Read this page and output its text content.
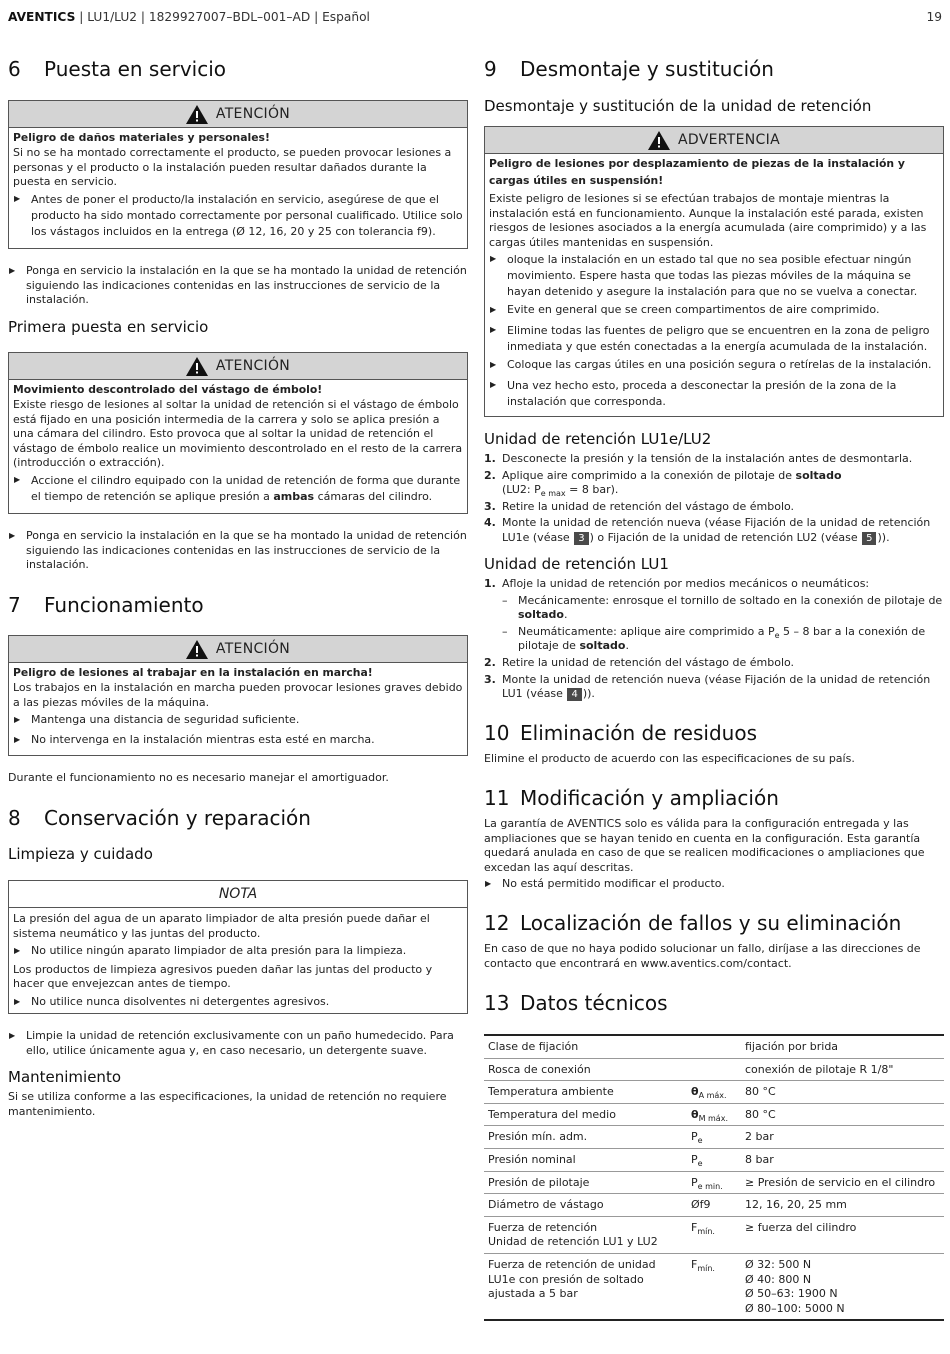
AVENTICS | LU1/LU2 | 1829927007–BDL–001–AD | Español	19
6	Puesta en servicio
ATENCIÓN
Peligro de daños materiales y personales!
Si no se ha montado correctamente el producto, se pueden provocar lesiones a personas y el producto o la instalación pueden resultar dañados durante la puesta en servicio.
▶ Antes de poner el producto/la instalación en servicio, asegúrese de que el producto ha sido montado correctamente por personal cualificado. Utilice solo los vástagos incluidos en la entrega (Ø 12, 16, 20 y 25 con tolerancia f9).
▶ Ponga en servicio la instalación en la que se ha montado la unidad de retención siguiendo las indicaciones contenidas en las instrucciones de servicio de la instalación.
Primera puesta en servicio
ATENCIÓN
Movimiento descontrolado del vástago de émbolo!
Existe riesgo de lesiones al soltar la unidad de retención si el vástago de émbolo está fijado en una posición intermedia de la carrera y solo se aplica presión a una cámara del cilindro. Esto provoca que al soltar la unidad de retención el vástago de émbolo realice un movimiento descontrolado en el resto de la carrera (introducción o extracción).
▶ Accione el cilindro equipado con la unidad de retención de forma que durante el tiempo de retención se aplique presión a ambas cámaras del cilindro.
▶ Ponga en servicio la instalación en la que se ha montado la unidad de retención siguiendo las indicaciones contenidas en las instrucciones de servicio de la instalación.
7	Funcionamiento
ATENCIÓN
Peligro de lesiones al trabajar en la instalación en marcha!
Los trabajos en la instalación en marcha pueden provocar lesiones graves debido a las piezas móviles de la máquina.
▶ Mantenga una distancia de seguridad suficiente.
▶ No intervenga en la instalación mientras esta esté en marcha.
Durante el funcionamiento no es necesario manejar el amortiguador.
8	Conservación y reparación
Limpieza y cuidado
NOTA
La presión del agua de un aparato limpiador de alta presión puede dañar el sistema neumático y las juntas del producto.
▶ No utilice ningún aparato limpiador de alta presión para la limpieza.
Los productos de limpieza agresivos pueden dañar las juntas del producto y hacer que envejezcan antes de tiempo.
▶ No utilice nunca disolventes ni detergentes agresivos.
▶ Limpie la unidad de retención exclusivamente con un paño humedecido. Para ello, utilice únicamente agua y, en caso necesario, un detergente suave.
Mantenimiento
Si se utiliza conforme a las especificaciones, la unidad de retención no requiere mantenimiento.
9	Desmontaje y sustitución
Desmontaje y sustitución de la unidad de retención
ADVERTENCIA
Peligro de lesiones por desplazamiento de piezas de la instalación y cargas útiles en suspensión!
Existe peligro de lesiones si se efectúan trabajos de montaje mientras la instalación está en funcionamiento. Aunque la instalación esté parada, existen riesgos de lesiones asociados a la energía acumulada (aire comprimido) y a las cargas útiles mantenidas en suspensión.
▶ oloque la instalación en un estado tal que no sea posible efectuar ningún movimiento. Espere hasta que todas las piezas móviles de la máquina se hayan detenido y asegure la instalación para que no se vuelva a conectar.
▶ Evite en general que se creen compartimentos de aire comprimido.
▶ Elimine todas las fuentes de peligro que se encuentren en la zona de peligro inmediata y que estén conectadas a la energía acumulada de la instalación.
▶ Coloque las cargas útiles en una posición segura o retírelas de la instalación.
▶ Una vez hecho esto, proceda a desconectar la presión de la zona de la instalación que corresponda.
Unidad de retención LU1e/LU2
1. Desconecte la presión y la tensión de la instalación antes de desmontarla.
2. Aplique aire comprimido a la conexión de pilotaje de soltado
(LU2: $P_{e max} = 8$ bar).
3. Retire la unidad de retención del vástago de émbolo.
4. Monte la unidad de retención nueva (véase Fijación de la unidad de retención LU1e (véase 3 ) o Fijación de la unidad de retención LU2 (véase 5 )).
Unidad de retención LU1
1. Afloje la unidad de retención por medios mecánicos o neumáticos:
– Mecánicamente: enrosque el tornillo de soltado en la conexión de pilotaje de soltado.
– Neumáticamente: aplique aire comprimido a $P_e$ 5 – 8 bar a la conexión de pilotaje de soltado.
2. Retire la unidad de retención del vástago de émbolo.
3. Monte la unidad de retención nueva (véase Fijación de la unidad de retención LU1 (véase 4 )).
10 Eliminación de residuos
Elimine el producto de acuerdo con las especificaciones de su país.
11 Modificación y ampliación
La garantía de AVENTICS solo es válida para la configuración entregada y las ampliaciones que se hayan tenido en cuenta en la configuración. Esta garantía quedará anulada en caso de que se realicen modificaciones o ampliaciones que excedan las aquí descritas.
▶ No está permitido modificar el producto.
12 Localización de fallos y su eliminación
En caso de que no haya podido solucionar un fallo, diríjase a las direcciones de contacto que encontrará en www.aventics.com/contact.
13 Datos técnicos
Clase de fijación		fijación por brida
Rosca de conexión		conexión de pilotaje R 1/8"
Temperatura ambiente	$\theta_{A máx.}$	80 °C
Temperatura del medio	$\theta_{M máx.}$	80 °C
Presión mín. adm.	$P_e$	2 bar
Presión nominal	$P_e$	8 bar
Presión de pilotaje	$P_{e min.}$	≥ Presión de servicio en el cilindro
Diámetro de vástago	Øf9	12, 16, 20, 25 mm
Fuerza de retención
Unidad de retención LU1 y LU2	$F_{mín.}$	≥ fuerza del cilindro
Fuerza de retención de unidad
LU1e con presión de soltado
ajustada a 5 bar	$F_{mín.}$	Ø 32: 500 N
Ø 40: 800 N
Ø 50–63: 1900 N
Ø 80–100: 5000 N
